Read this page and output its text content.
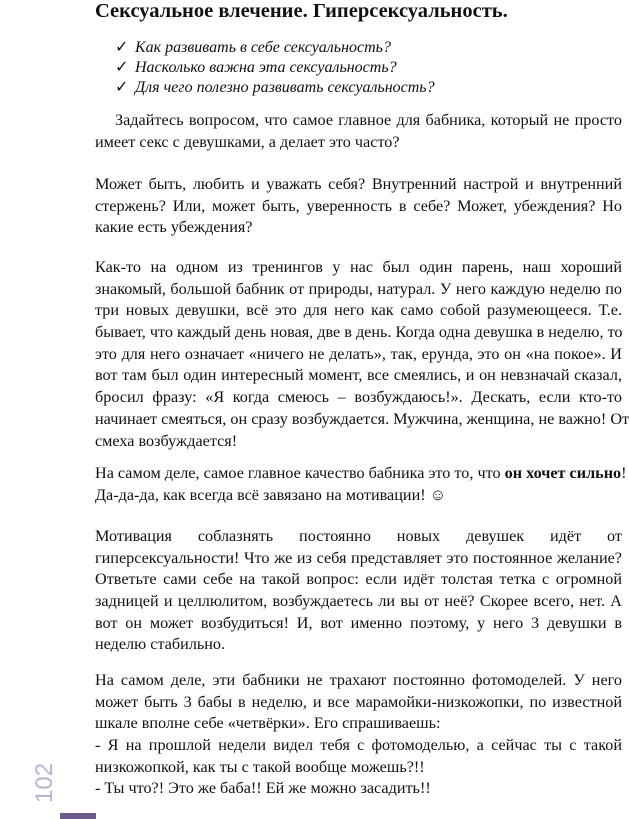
Сексуальное влечение. Гиперсексуальность.
✓ Как развивать в себе сексуальность?
✓ Насколько важна эта сексуальность?
✓ Для чего полезно развивать сексуальность?
Задайтесь вопросом, что самое главное для бабника, который не просто
имеет секс с девушками, а делает это часто?
Может быть, любить и уважать себя? Внутренний настрой и внутренний
стержень? Или, может быть, уверенность в себе? Может, убеждения? Но
какие есть убеждения?
Как-то на одном из тренингов у нас был один парень, наш хороший
знакомый, большой бабник от природы, натурал. У него каждую неделю по
три новых девушки, всё это для него как само собой разумеющееся. Т.е.
бывает, что каждый день новая, две в день. Когда одна девушка в неделю, то
это для него означает «ничего не делать», так, ерунда, это он «на покое». И
вот там был один интересный момент, все смеялись, и он невзначай сказал,
бросил фразу: «Я когда смеюсь – возбуждаюсь!». Дескать, если кто-то
начинает смеяться, он сразу возбуждается. Мужчина, женщина, не важно! От
смеха возбуждается!
На самом деле, самое главное качество бабника это то, что он хочет сильно!
Да-да-да, как всегда всё завязано на мотивации! ☺
Мотивация соблазнять постоянно новых девушек идёт от
гиперсексуальности! Что же из себя представляет это постоянное желание?
Ответьте сами себе на такой вопрос: если идёт толстая тетка с огромной
задницей и целлюлитом, возбуждаетесь ли вы от неё? Скорее всего, нет. А
вот он может возбудиться! И, вот именно поэтому, у него 3 девушки в
неделю стабильно.
На самом деле, эти бабники не трахают постоянно фотомоделей. У него
может быть 3 бабы в неделю, и все марамойки-низкожопки, по известной
шкале вполне себе «четвёрки». Его спрашиваешь:
- Я на прошлой недели видел тебя с фотомоделью, а сейчас ты с такой
низкожопкой, как ты с такой вообще можешь?!!
- Ты что?! Это же баба!! Ей же можно засадить!!
102
